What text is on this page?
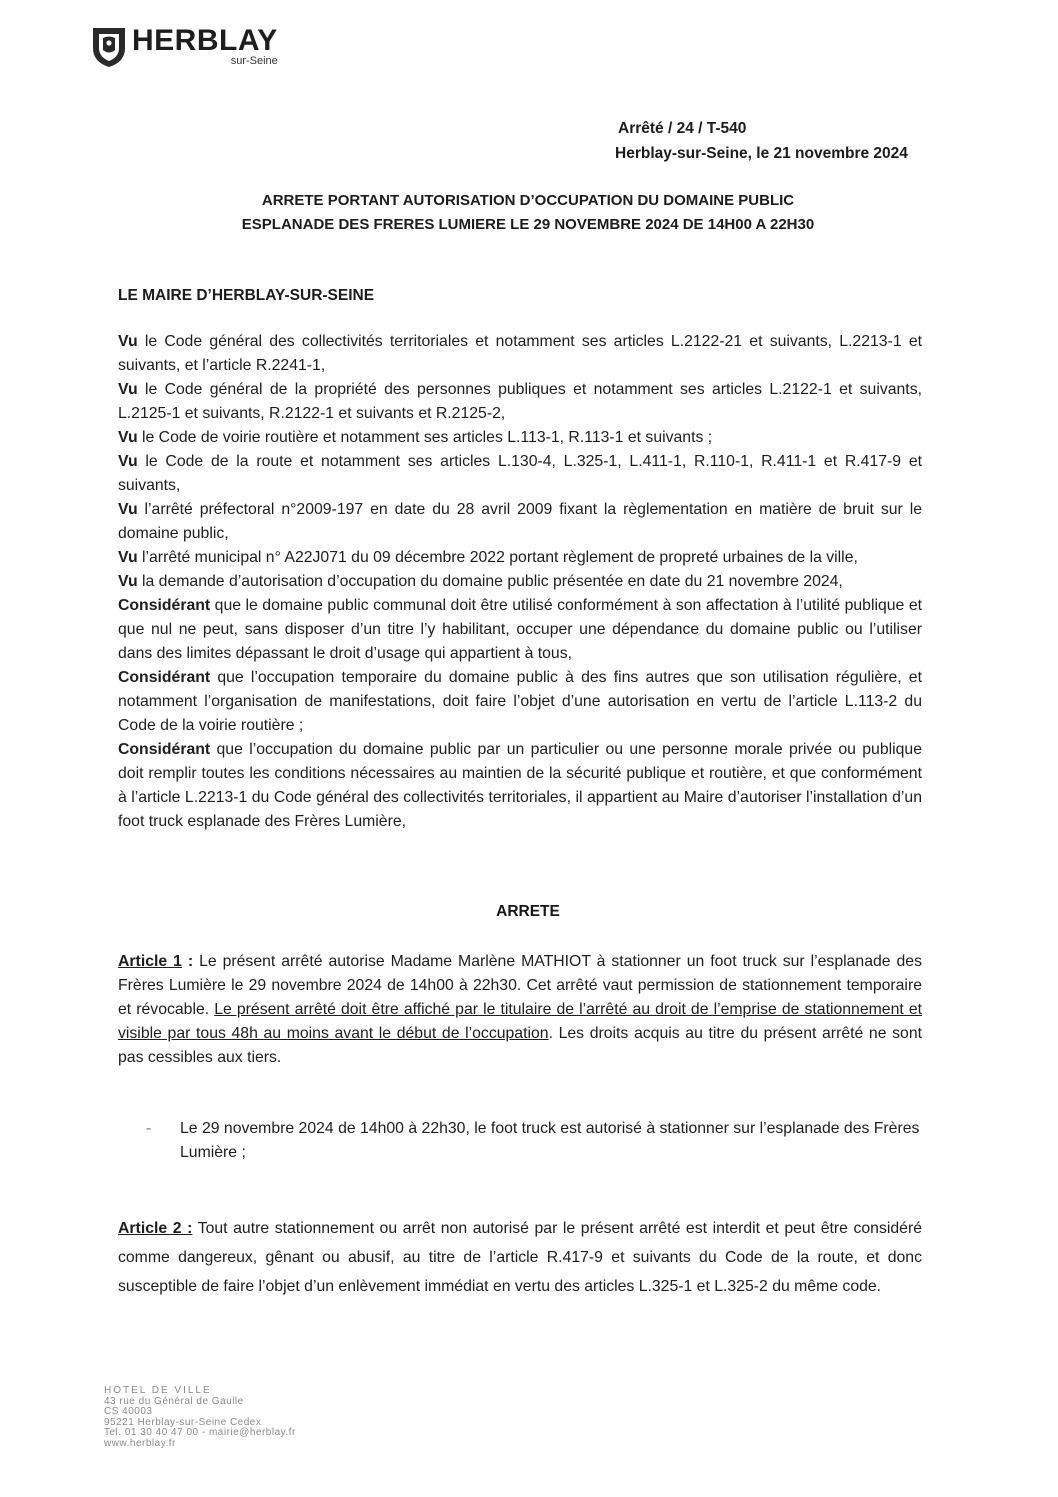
HERBLAY
sur-Seine
Arrêté / 24 / T-540
Herblay-sur-Seine, le 21 novembre 2024
ARRETE PORTANT AUTORISATION D’OCCUPATION DU DOMAINE PUBLIC
ESPLANADE DES FRERES LUMIERE LE 29 NOVEMBRE 2024 DE 14H00 A 22H30
LE MAIRE D’HERBLAY-SUR-SEINE

Vu le Code général des collectivités territoriales et notamment ses articles L.2122-21 et suivants, L.2213-1 et suivants, et l’article R.2241-1,

Vu le Code général de la propriété des personnes publiques et notamment ses articles L.2122-1 et suivants, L.2125-1 et suivants, R.2122-1 et suivants et R.2125-2,

Vu le Code de voirie routière et notamment ses articles L.113-1, R.113-1 et suivants ;

Vu le Code de la route et notamment ses articles L.130-4, L.325-1, L.411-1, R.110-1, R.411-1 et R.417-9 et suivants,

Vu l’arrêté préfectoral n°2009-197 en date du 28 avril 2009 fixant la règlementation en matière de bruit sur le domaine public,

Vu l’arrêté municipal n° A22J071 du 09 décembre 2022 portant règlement de propreté urbaines de la ville,

Vu la demande d’autorisation d’occupation du domaine public présentée en date du 21 novembre 2024,

Considérant que le domaine public communal doit être utilisé conformément à son affectation à l’utilité publique et que nul ne peut, sans disposer d’un titre l’y habilitant, occuper une dépendance du domaine public ou l’utiliser dans des limites dépassant le droit d’usage qui appartient à tous,

Considérant que l’occupation temporaire du domaine public à des fins autres que son utilisation régulière, et notamment l’organisation de manifestations, doit faire l’objet d’une autorisation en vertu de l’article L.113-2 du Code de la voirie routière ;

Considérant que l’occupation du domaine public par un particulier ou une personne morale privée ou publique doit remplir toutes les conditions nécessaires au maintien de la sécurité publique et routière, et que conformément à l’article L.2213-1 du Code général des collectivités territoriales, il appartient au Maire d’autoriser l’installation d’un foot truck esplanade des Frères Lumière,

ARRETE

Article 1 : Le présent arrêté autorise Madame Marlène MATHIOT à stationner un foot truck sur l’esplanade des Frères Lumière le 29 novembre 2024 de 14h00 à 22h30. Cet arrêté vaut permission de stationnement temporaire et révocable. Le présent arrêté doit être affiché par le titulaire de l’arrêté au droit de l’emprise de stationnement et visible par tous 48h au moins avant le début de l’occupation. Les droits acquis au titre du présent arrêté ne sont pas cessibles aux tiers.

-	Le 29 novembre 2024 de 14h00 à 22h30, le foot truck est autorisé à stationner sur l’esplanade des Frères Lumière ;

Article 2 : Tout autre stationnement ou arrêt non autorisé par le présent arrêté est interdit et peut être considéré comme dangereux, gênant ou abusif, au titre de l’article R.417-9 et suivants du Code de la route, et donc susceptible de faire l’objet d’un enlèvement immédiat en vertu des articles L.325-1 et L.325-2 du même code.

HOTEL DE VILLE
43 rue du Général de Gaulle
CS 40003
95221 Herblay-sur-Seine Cedex
Tel. 01 30 40 47 00 - mairie@herblay.fr
www.herblay.fr
